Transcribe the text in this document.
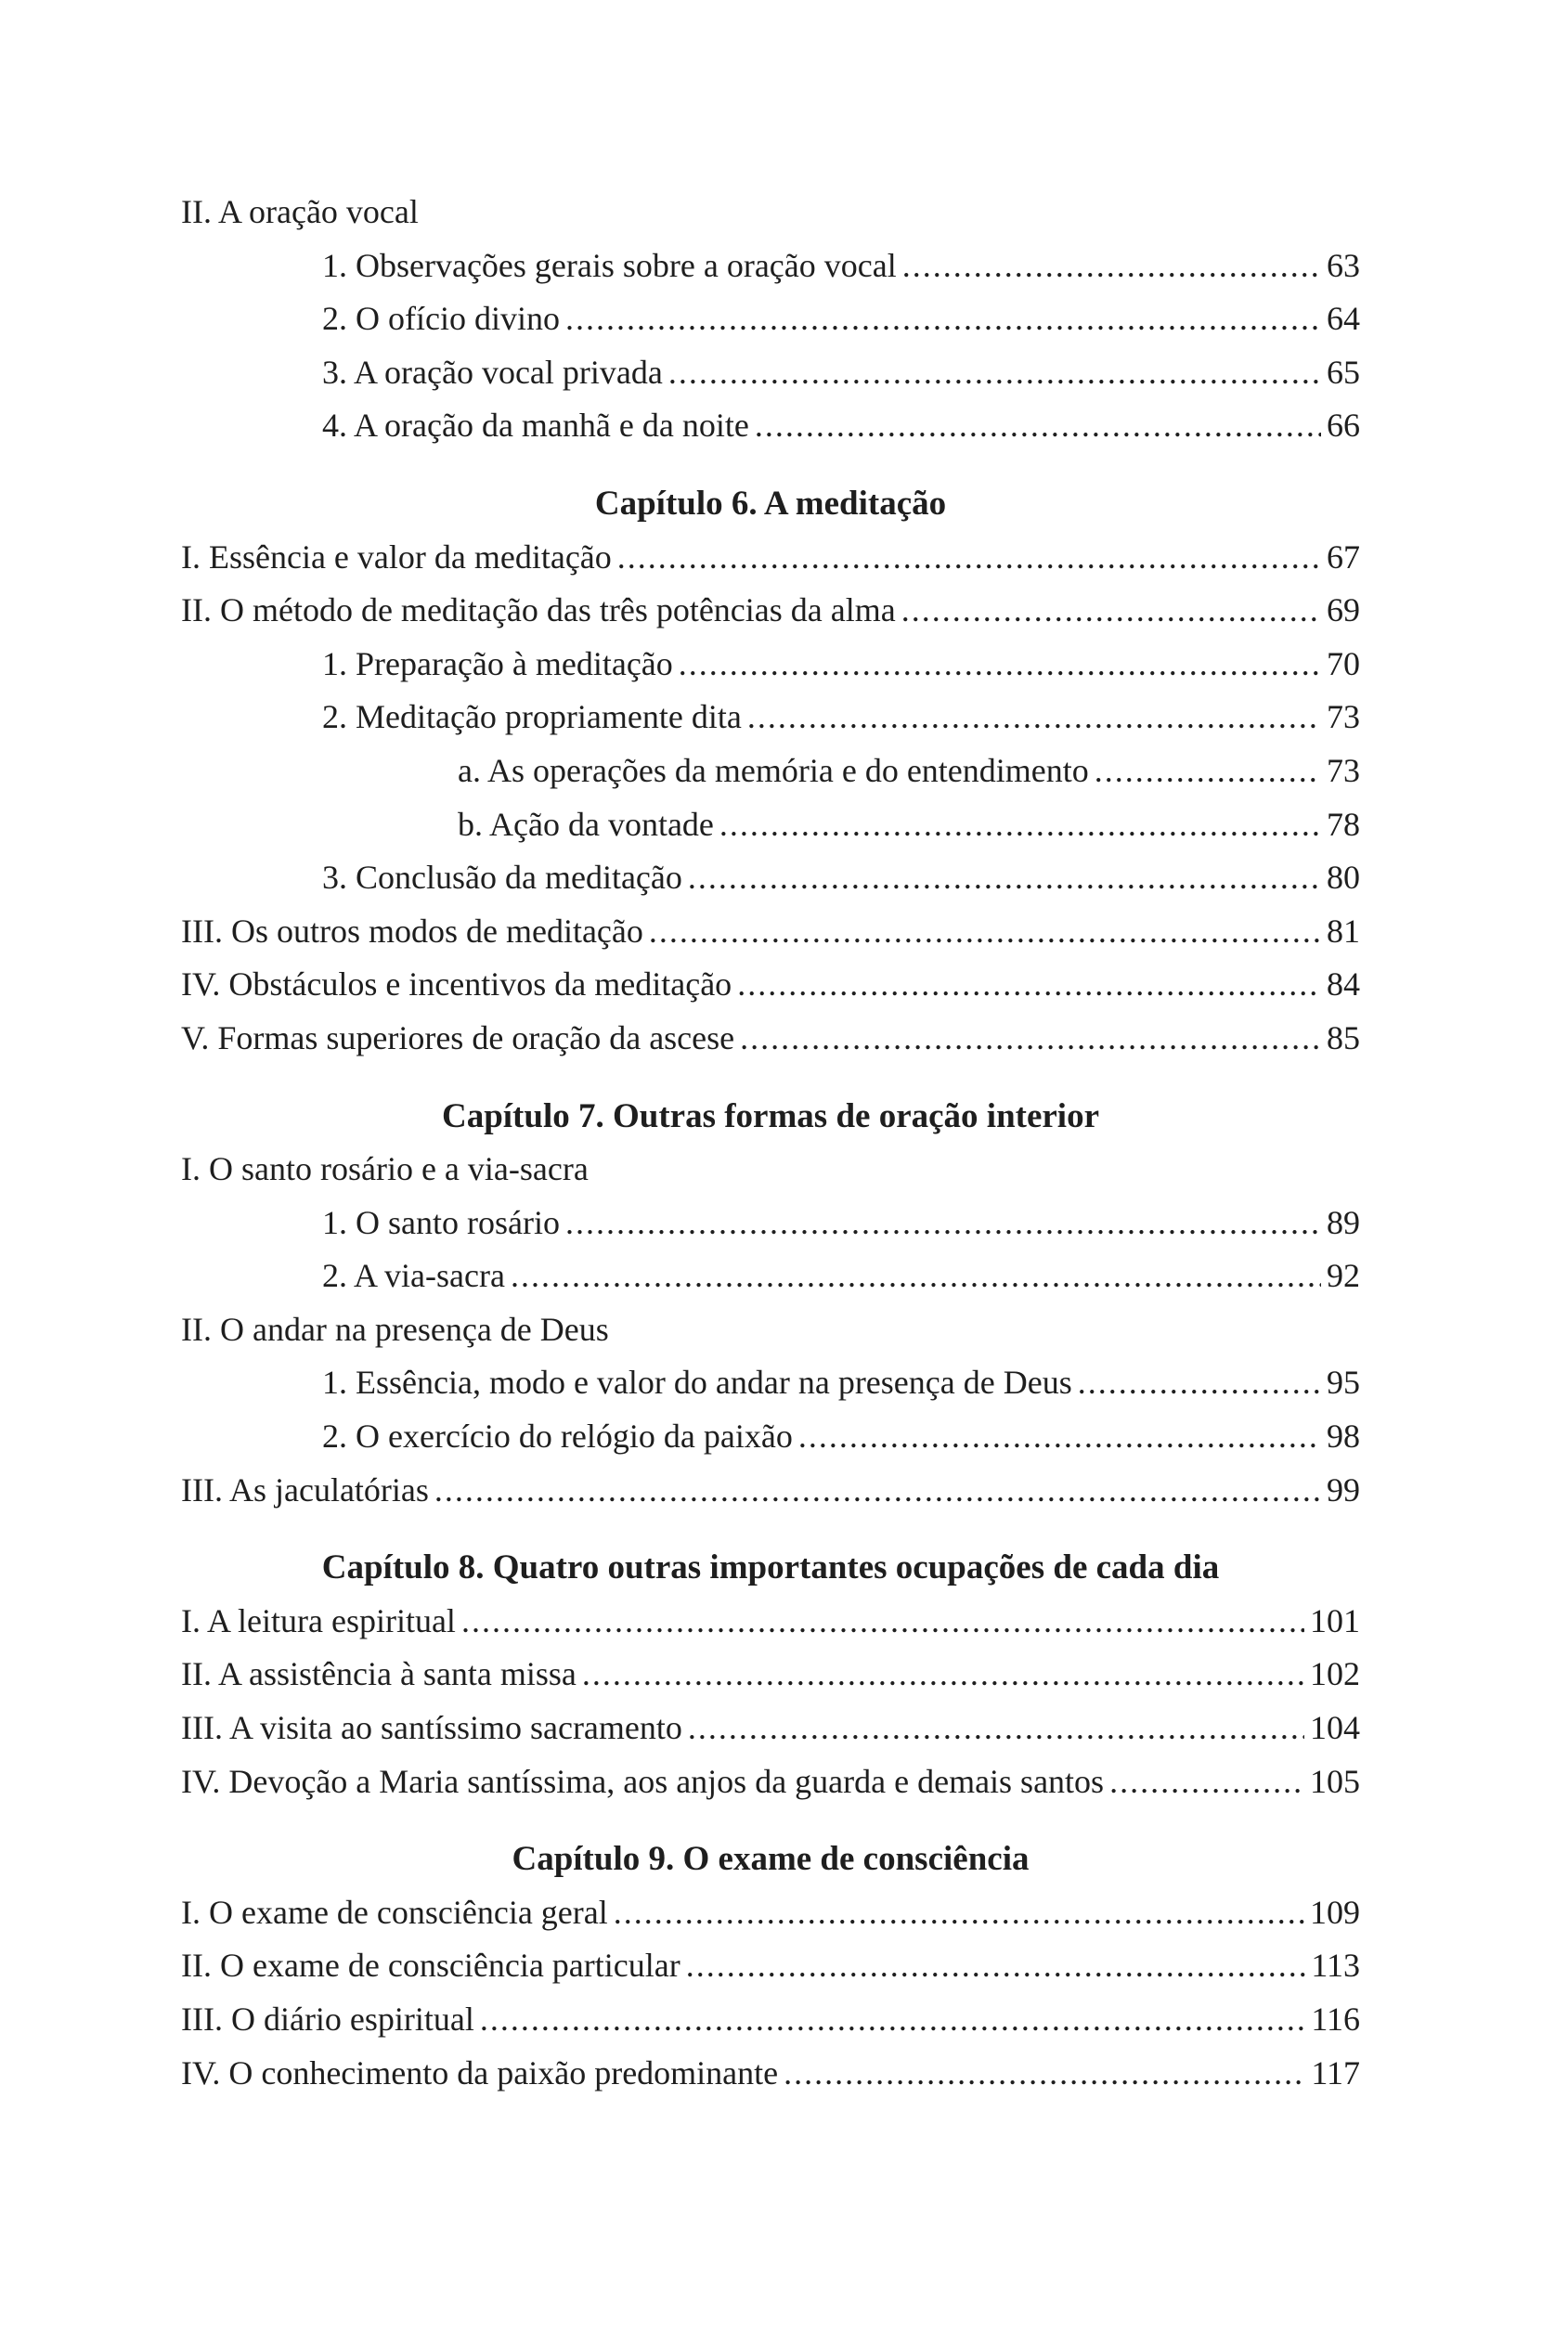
II. A oração vocal
1. Observações gerais sobre a oração vocal .....	63
2. O ofício divino .....	64
3. A oração vocal privada .....	65
4. A oração da manhã e da noite .....	66
Capítulo 6. A meditação
I. Essência e valor da meditação .....	67
II. O método de meditação das três potências da alma .....	69
1. Preparação à meditação .....	70
2. Meditação propriamente dita .....	73
a. As operações da memória e do entendimento .....	73
b. Ação da vontade .....	78
3. Conclusão da meditação .....	80
III. Os outros modos de meditação .....	81
IV. Obstáculos e incentivos da meditação .....	84
V. Formas superiores de oração da ascese .....	85
Capítulo 7. Outras formas de oração interior
I. O santo rosário e a via-sacra
1. O santo rosário .....	89
2. A via-sacra .....	92
II. O andar na presença de Deus
1. Essência, modo e valor do andar na presença de Deus .....	95
2. O exercício do relógio da paixão .....	98
III. As jaculatórias .....	99
Capítulo 8. Quatro outras importantes ocupações de cada dia
I. A leitura espiritual .....	101
II. A assistência à santa missa .....	102
III. A visita ao santíssimo sacramento .....	104
IV. Devoção a Maria santíssima, aos anjos da guarda e demais santos .....	105
Capítulo 9. O exame de consciência
I. O exame de consciência geral .....	109
II. O exame de consciência particular .....	113
III. O diário espiritual .....	116
IV. O conhecimento da paixão predominante .....	117
